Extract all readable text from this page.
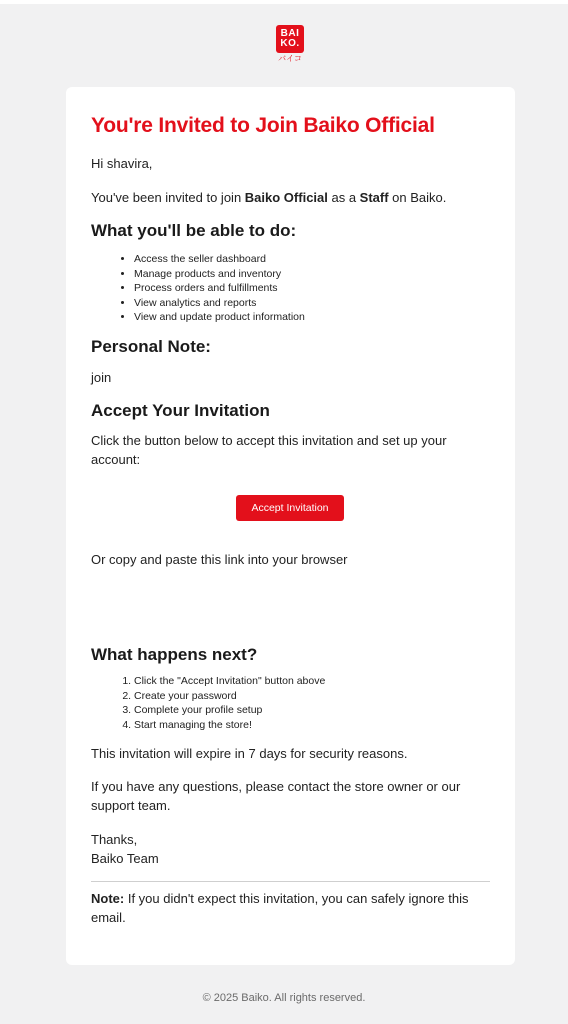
BAI
KO.
バイコ
You're Invited to Join Baiko Official

Hi shavira,

You've been invited to join Baiko Official as a Staff on Baiko.

What you'll be able to do:
• Access the seller dashboard
• Manage products and inventory
• Process orders and fulfillments
• View analytics and reports
• View and update product information
Personal Note:

join

Accept Your Invitation

Click the button below to accept this invitation and set up your account:

Accept Invitation

Or copy and paste this link into your browser

What happens next?
1. Click the "Accept Invitation" button above
2. Create your password
3. Complete your profile setup
4. Start managing the store!

This invitation will expire in 7 days for security reasons.

If you have any questions, please contact the store owner or our support team.

Thanks,
Baiko Team

Note: If you didn't expect this invitation, you can safely ignore this email.

© 2025 Baiko. All rights reserved.
